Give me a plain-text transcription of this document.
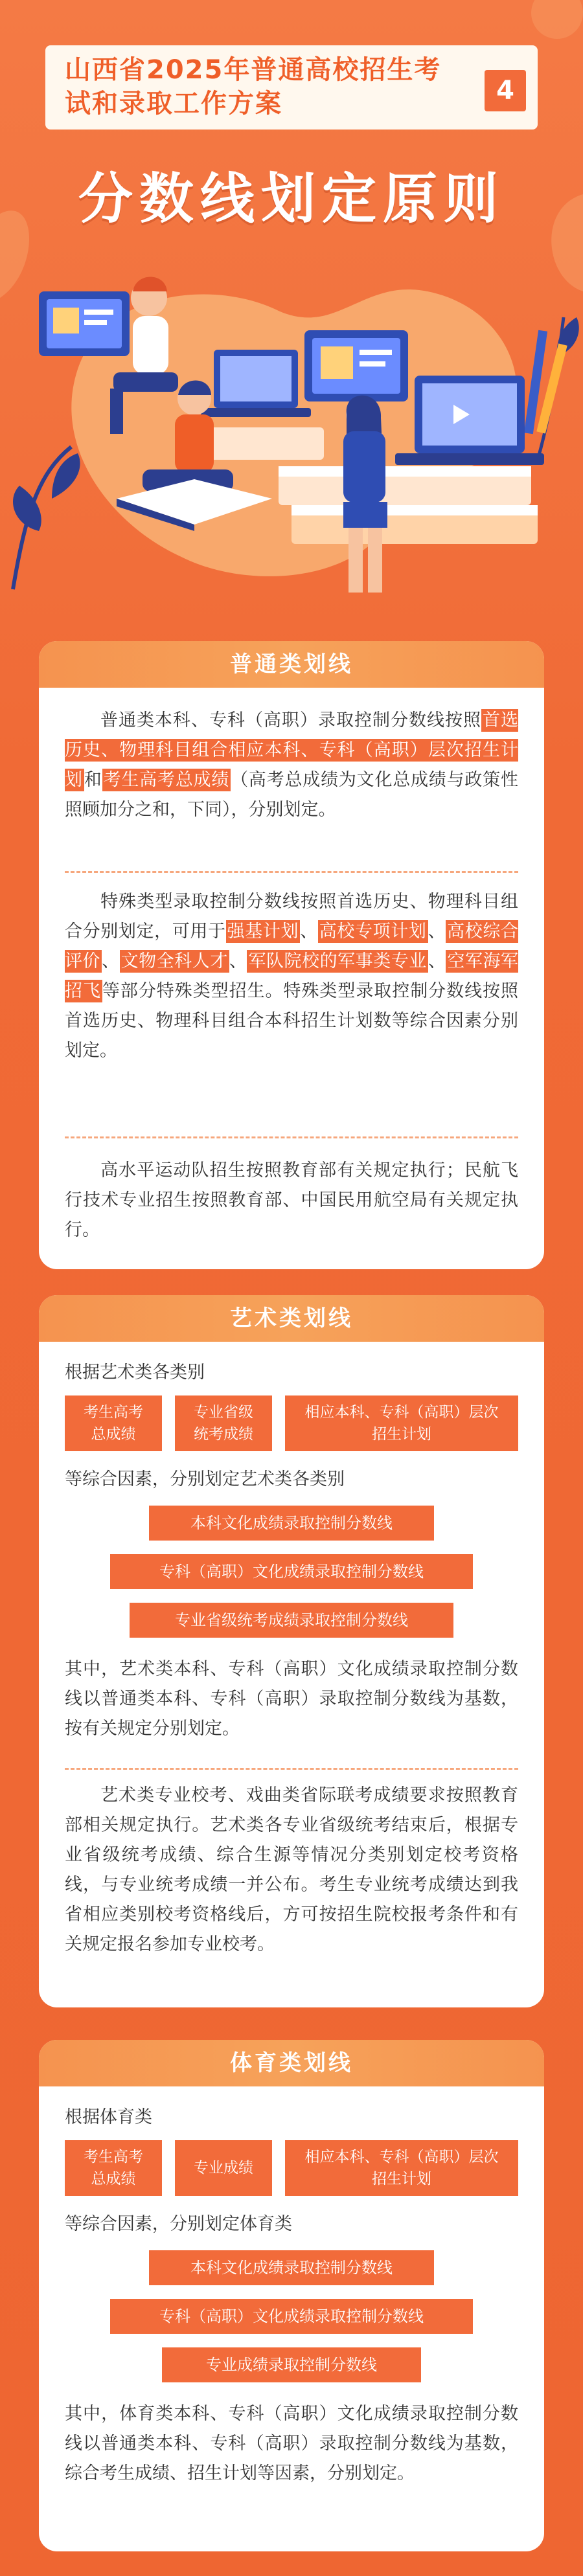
山西省2025年普通高校招生考试和录取工作方案	4
分数线划定原则
普通类划线
普通类本科、专科（高职）录取控制分数线按照首选历史、物理科目组合相应本科、专科（高职）层次招生计划和考生高考总成绩（高考总成绩为文化总成绩与政策性照顾加分之和，下同），分别划定。
特殊类型录取控制分数线按照首选历史、物理科目组合分别划定，可用于强基计划、高校专项计划、高校综合评价、文物全科人才、军队院校的军事类专业、空军海军招飞等部分特殊类型招生。特殊类型录取控制分数线按照首选历史、物理科目组合本科招生计划数等综合因素分别划定。
高水平运动队招生按照教育部有关规定执行；民航飞行技术专业招生按照教育部、中国民用航空局有关规定执行。
艺术类划线
根据艺术类各类别
考生高考
总成绩
专业省级
统考成绩
相应本科、专科（高职）层次
招生计划
等综合因素，分别划定艺术类各类别
本科文化成绩录取控制分数线
专科（高职）文化成绩录取控制分数线
专业省级统考成绩录取控制分数线
其中，艺术类本科、专科（高职）文化成绩录取控制分数线以普通类本科、专科（高职）录取控制分数线为基数，按有关规定分别划定。
艺术类专业校考、戏曲类省际联考成绩要求按照教育部相关规定执行。艺术类各专业省级统考结束后，根据专业省级统考成绩、综合生源等情况分类别划定校考资格线，与专业统考成绩一并公布。考生专业统考成绩达到我省相应类别校考资格线后，方可按招生院校报考条件和有关规定报名参加专业校考。
体育类划线
根据体育类
考生高考
总成绩
专业成绩
相应本科、专科（高职）层次
招生计划
等综合因素，分别划定体育类
本科文化成绩录取控制分数线
专科（高职）文化成绩录取控制分数线
专业成绩录取控制分数线
其中，体育类本科、专科（高职）文化成绩录取控制分数线以普通类本科、专科（高职）录取控制分数线为基数，综合考生成绩、招生计划等因素，分别划定。
